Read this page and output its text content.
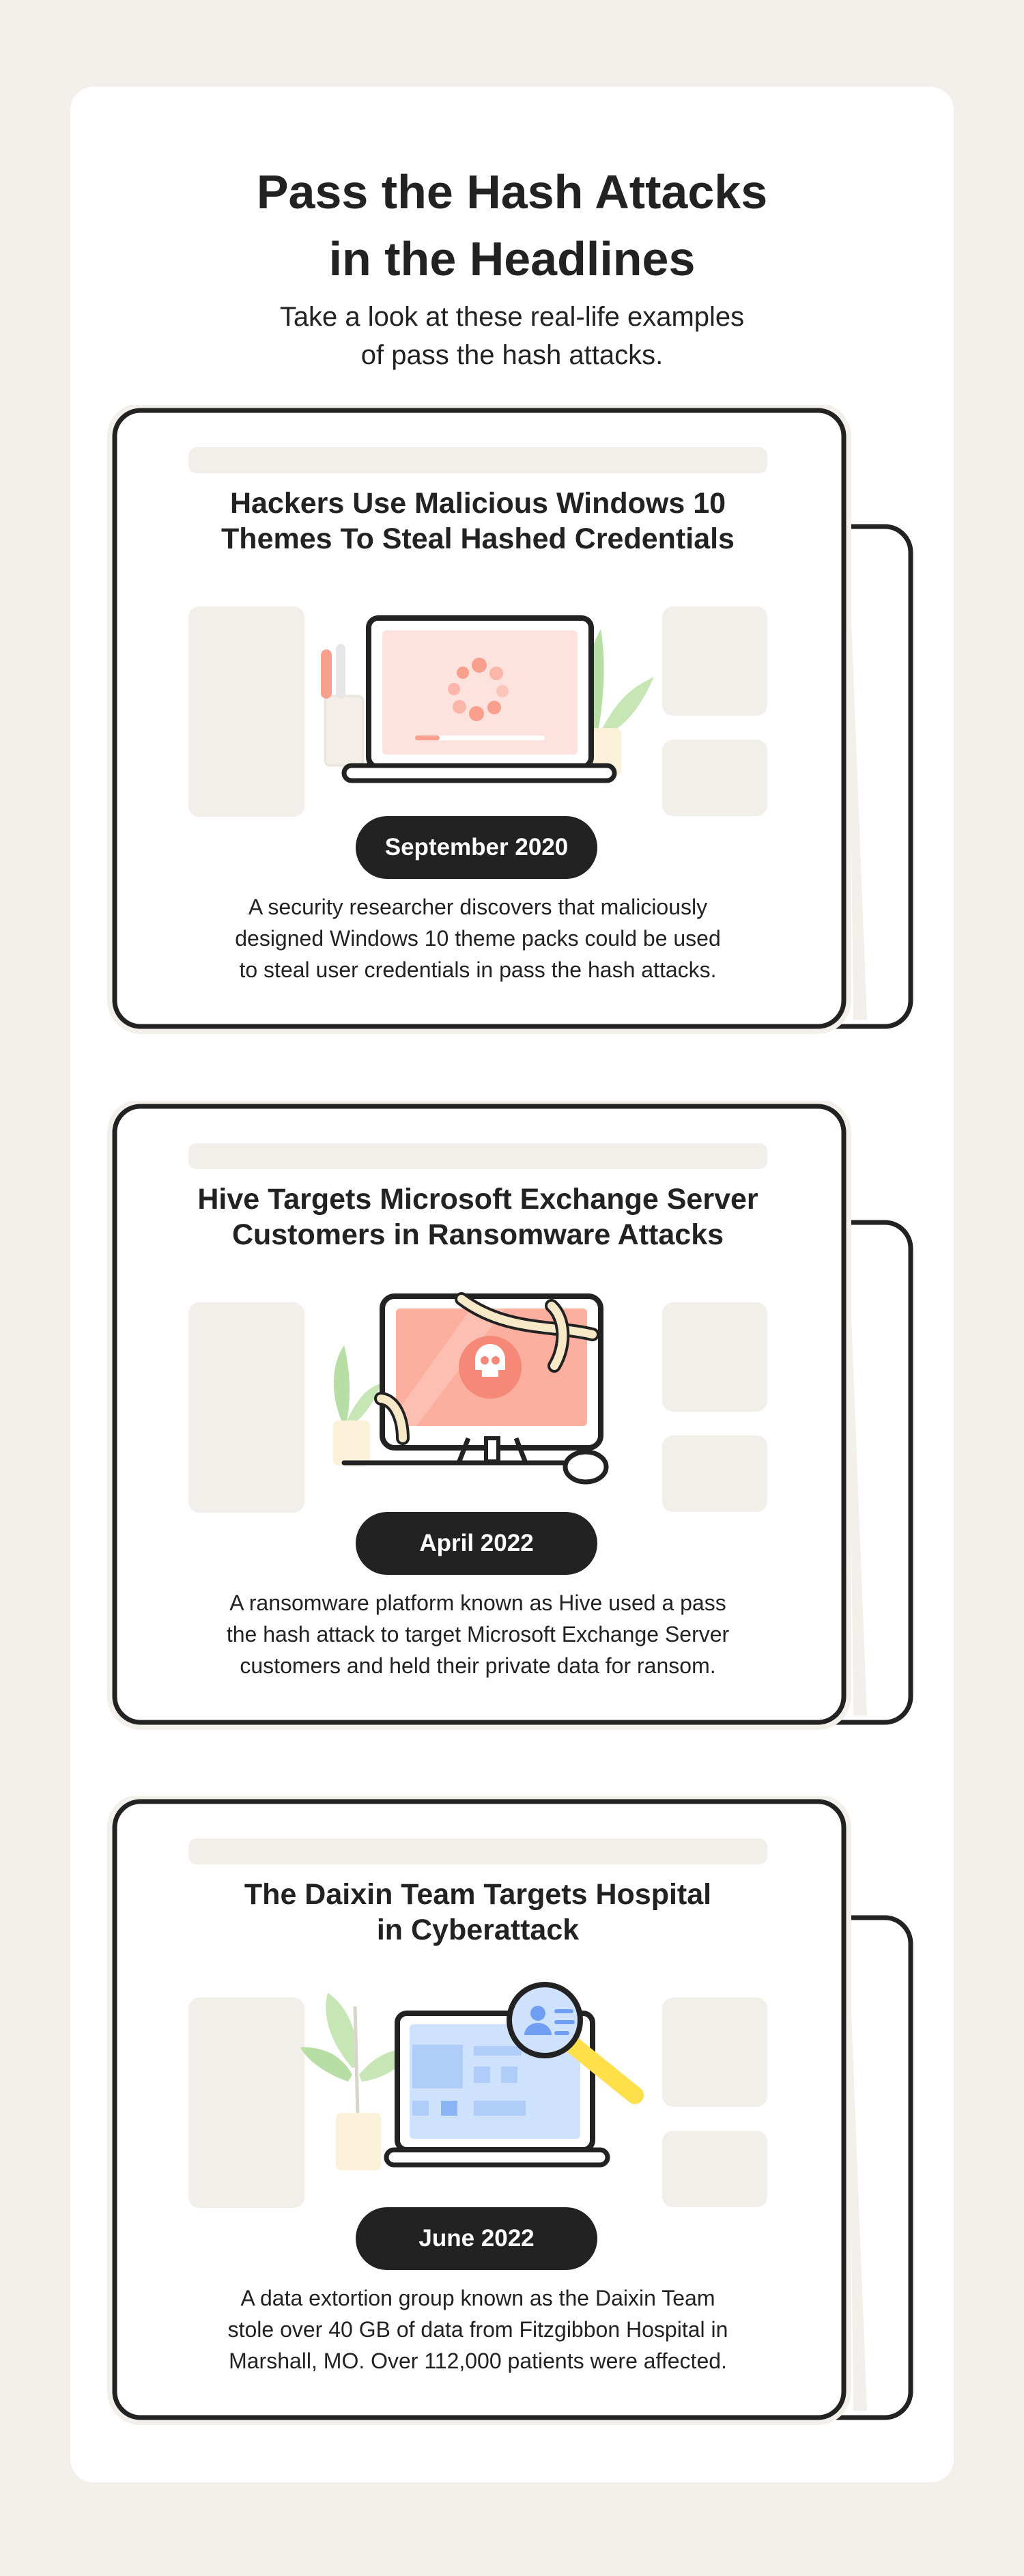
Pass the Hash Attacks
in the Headlines
Take a look at these real-life examples
of pass the hash attacks.
Hackers Use Malicious Windows 10
Themes To Steal Hashed Credentials
September 2020
A security researcher discovers that maliciously
designed Windows 10 theme packs could be used
to steal user credentials in pass the hash attacks.
Hive Targets Microsoft Exchange Server
Customers in Ransomware Attacks
April 2022
A ransomware platform known as Hive used a pass
the hash attack to target Microsoft Exchange Server
customers and held their private data for ransom.
The Daixin Team Targets Hospital
in Cyberattack
June 2022
A data extortion group known as the Daixin Team
stole over 40 GB of data from Fitzgibbon Hospital in
Marshall, MO. Over 112,000 patients were affected.
